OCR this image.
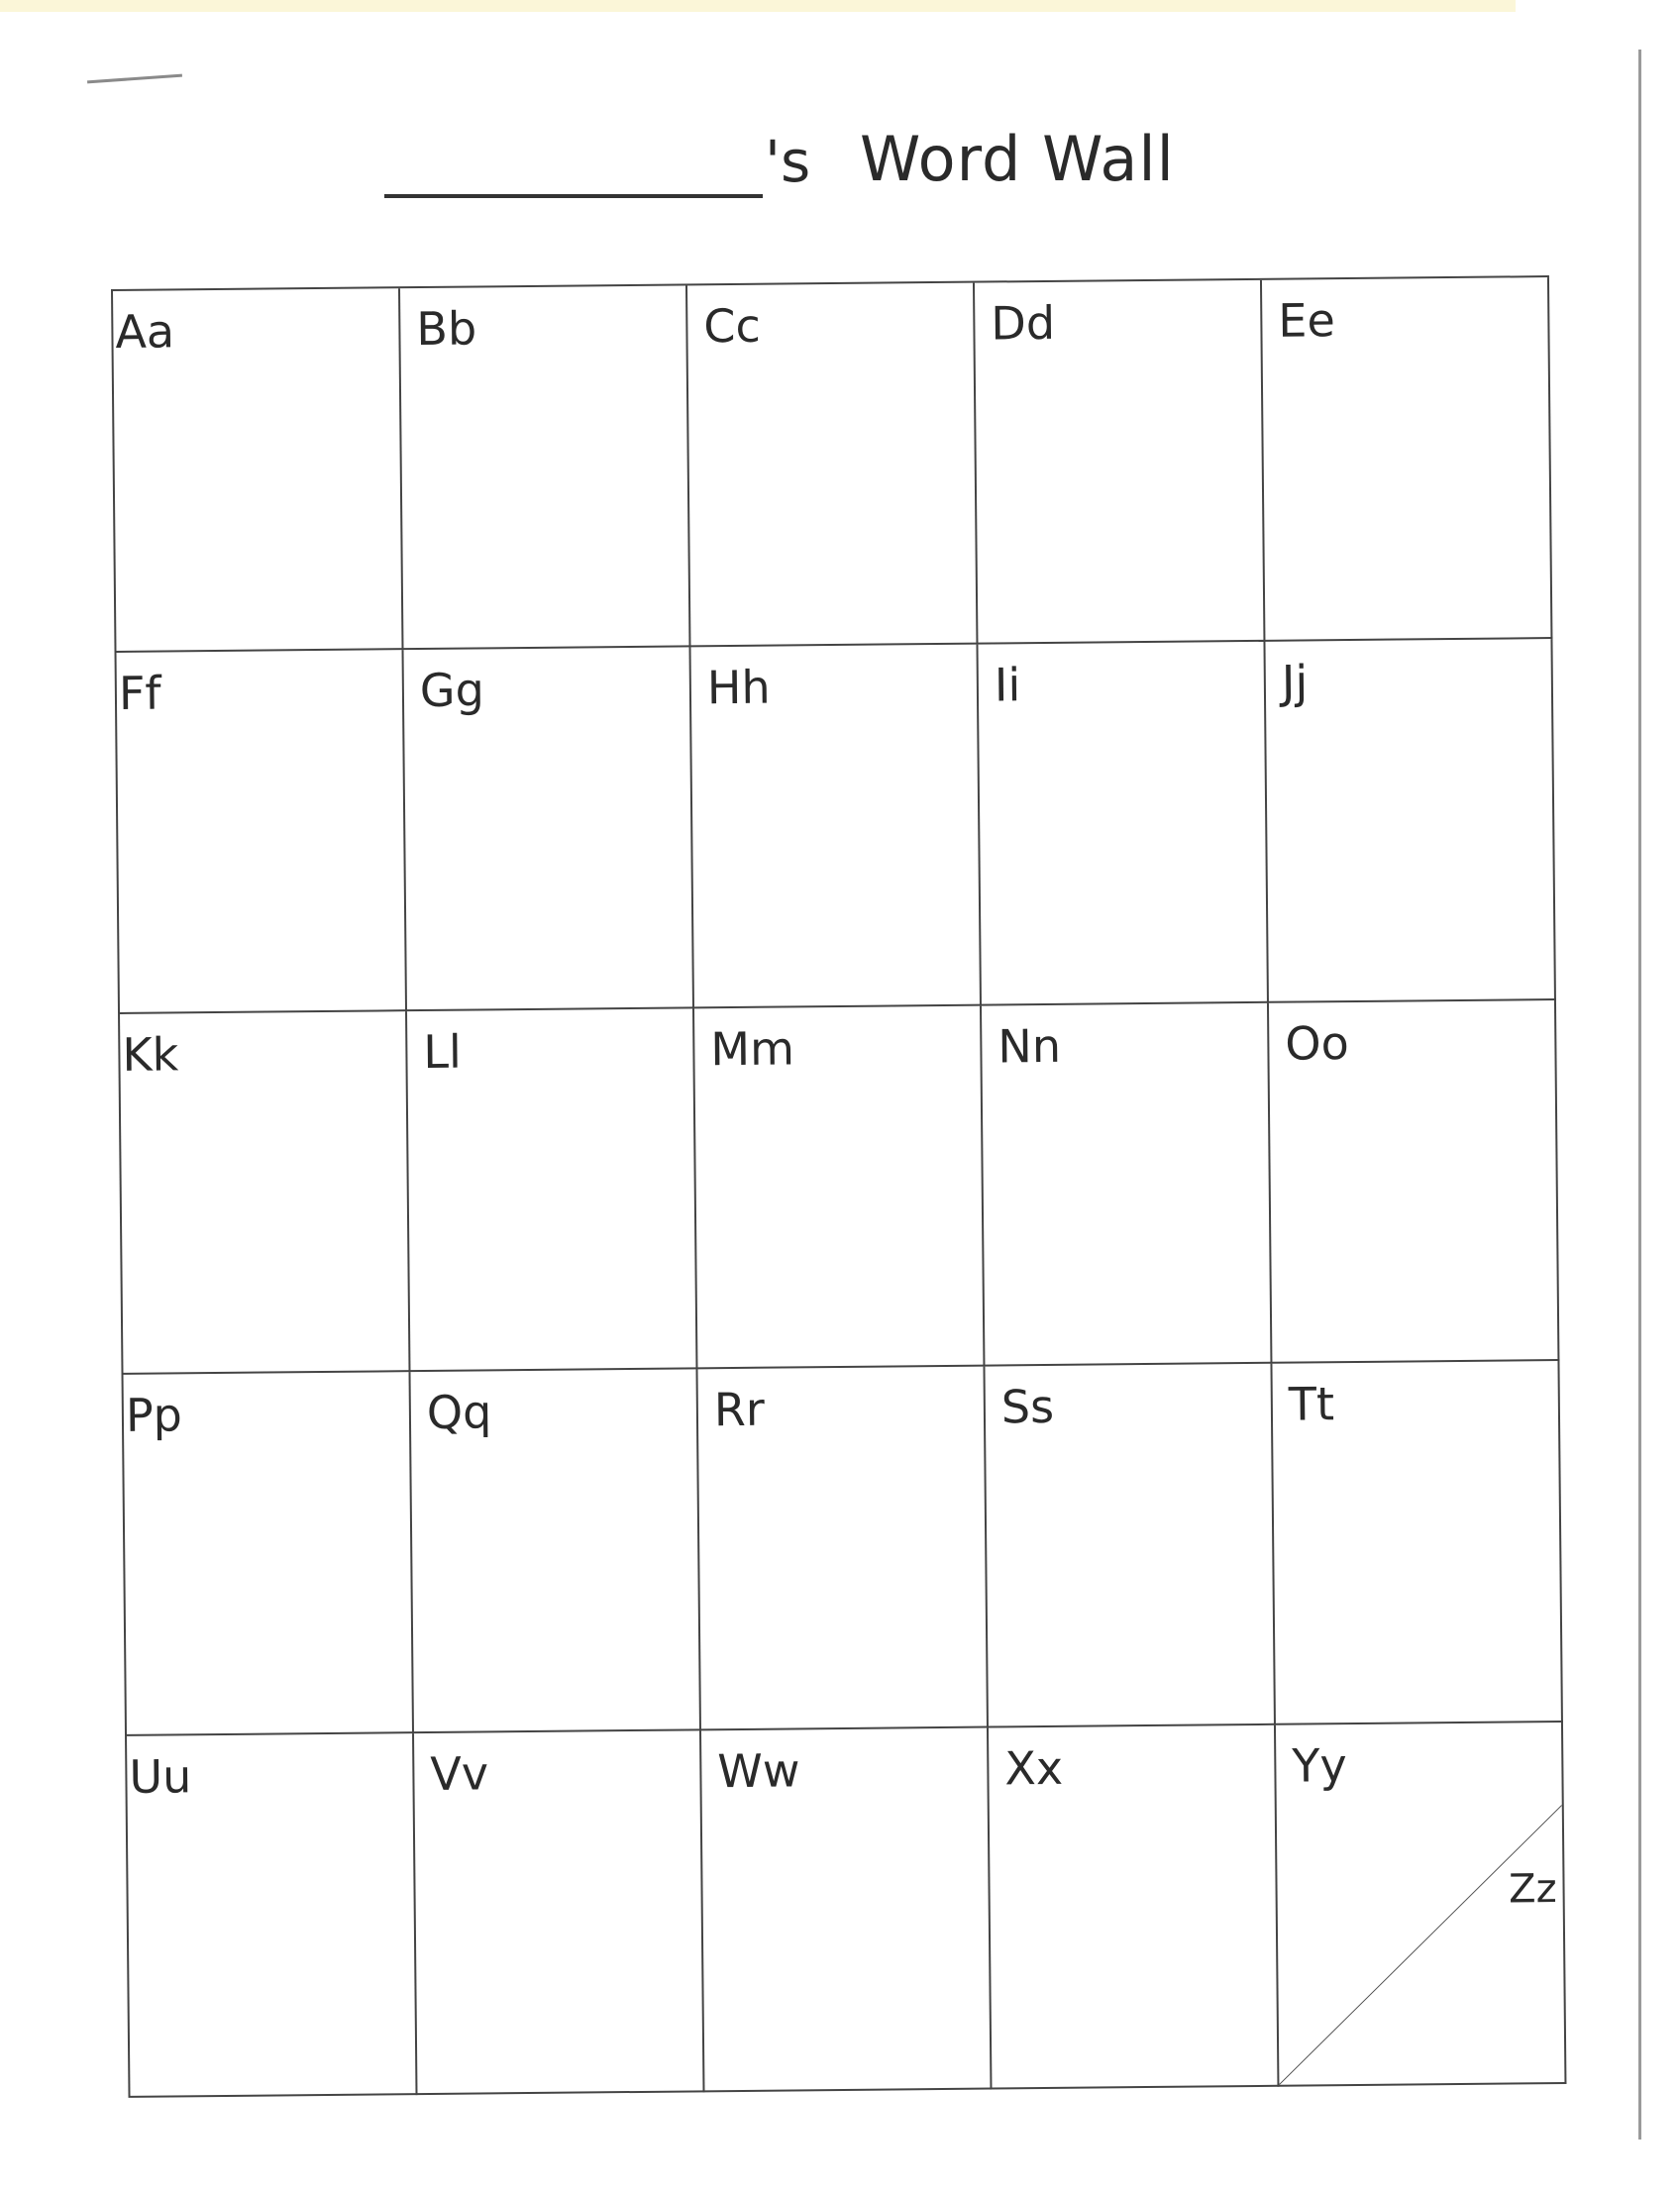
's Word Wall
Aa	Bb	Cc	Dd	Ee
Ff	Gg	Hh	Ii	Jj
Kk	Ll	Mm	Nn	Oo
Pp	Qq	Rr	Ss	Tt
Uu	Vv	Ww	Xx	Yy
Zz
